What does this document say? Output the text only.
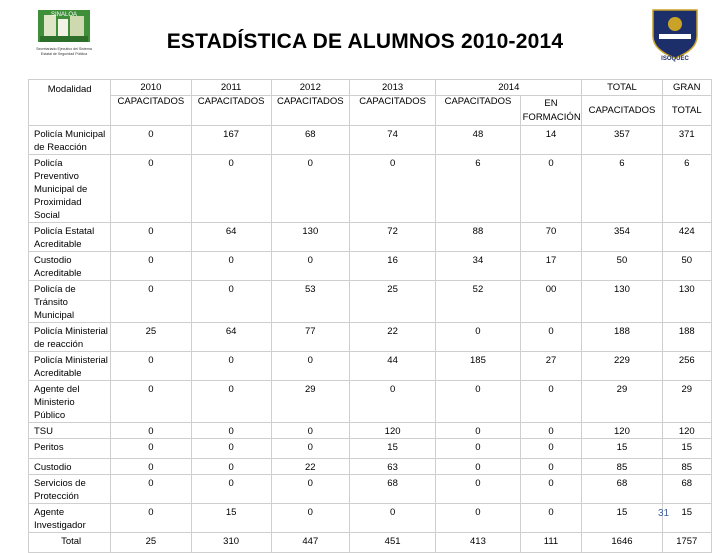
SINALOA
Secretariado Ejecutivo del Sistema
Estatal de Seguridad Pública
ESTADÍSTICA DE ALUMNOS 2010-2014
ISOQUEC
Modalidad	2010	2011	2012	2013	2014		TOTAL	GRAN
	CAPACITADOS	CAPACITADOS	CAPACITADOS	CAPACITADOS	CAPACITADOS	EN FORMACIÓN	CAPACITADOS	TOTAL
Policía Municipal de Reacción	0	167	68	74	48	14	357	371
Policía Preventivo Municipal de Proximidad Social	0	0	0	0	6	0	6	6
Policía Estatal Acreditable	0	64	130	72	88	70	354	424
Custodio Acreditable	0	0	0	16	34	17	50	50
Policía de Tránsito Municipal	0	0	53	25	52	00	130	130
Policía Ministerial de reacción	25	64	77	22	0	0	188	188
Policía Ministerial Acreditable	0	0	0	44	185	27	229	256
Agente del Ministerio Público	0	0	29	0	0	0	29	29
TSU	0	0	0	120	0	0	120	120
Peritos	0	0	0	15	0	0	15	15
Custodio	0	0	22	63	0	0	85	85
Servicios de Protección	0	0	0	68	0	0	68	68
Agente Investigador	0	15	0	0	0	0	15	15
Total	25	310	447	451	413	111	1646	1757
31
